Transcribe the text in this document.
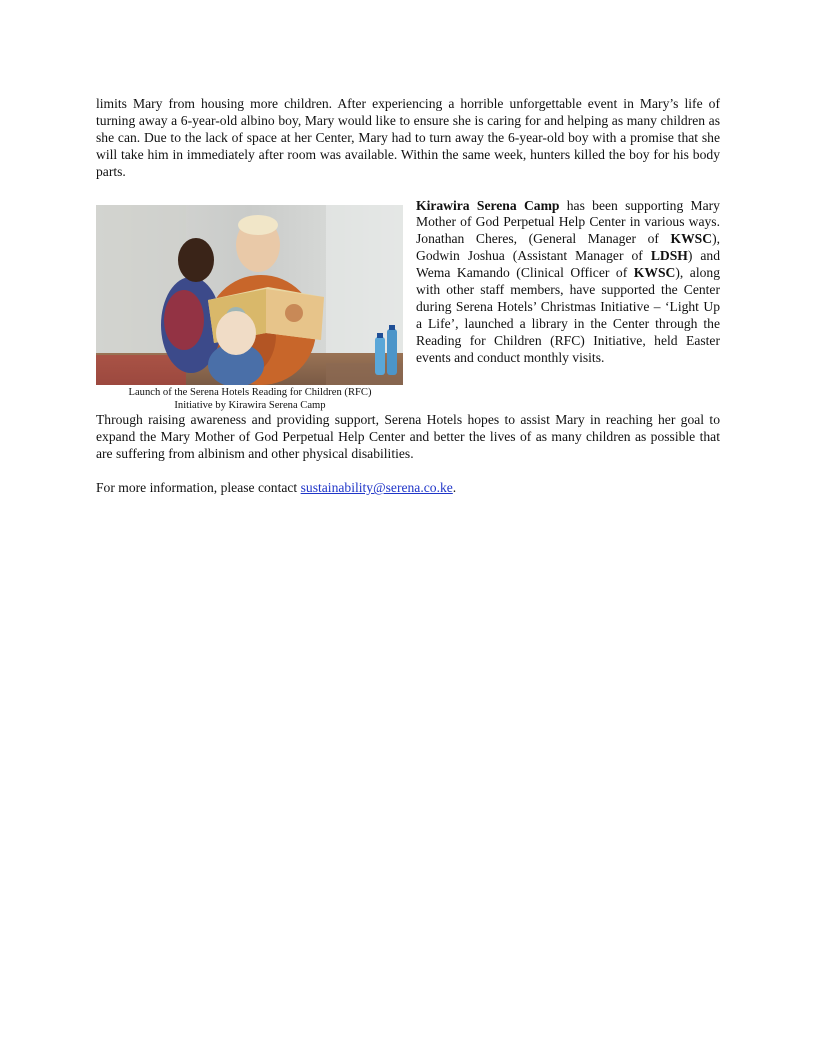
limits Mary from housing more children. After experiencing a horrible unforgettable event in Mary’s life of turning away a 6-year-old albino boy, Mary would like to ensure she is caring for and helping as many children as she can. Due to the lack of space at her Center, Mary had to turn away the 6-year-old boy with a promise that she will take him in immediately after room was available. Within the same week, hunters killed the boy for his body parts.

Launch of the Serena Hotels Reading for Children (RFC)
Initiative by Kirawira Serena Camp
Kirawira Serena Camp has been supporting Mary Mother of God Perpetual Help Center in various ways. Jonathan Cheres, (General Manager of KWSC), Godwin Joshua (Assistant Manager of LDSH) and Wema Kamando (Clinical Officer of KWSC), along with other staff members, have supported the Center during Serena Hotels’ Christmas Initiative – ‘Light Up a Life’, launched a library in the Center through the Reading for Children (RFC) Initiative, held Easter events and conduct monthly visits.

Through raising awareness and providing support, Serena Hotels hopes to assist Mary in reaching her goal to expand the Mary Mother of God Perpetual Help Center and better the lives of as many children as possible that are suffering from albinism and other physical disabilities.

For more information, please contact sustainability@serena.co.ke.
